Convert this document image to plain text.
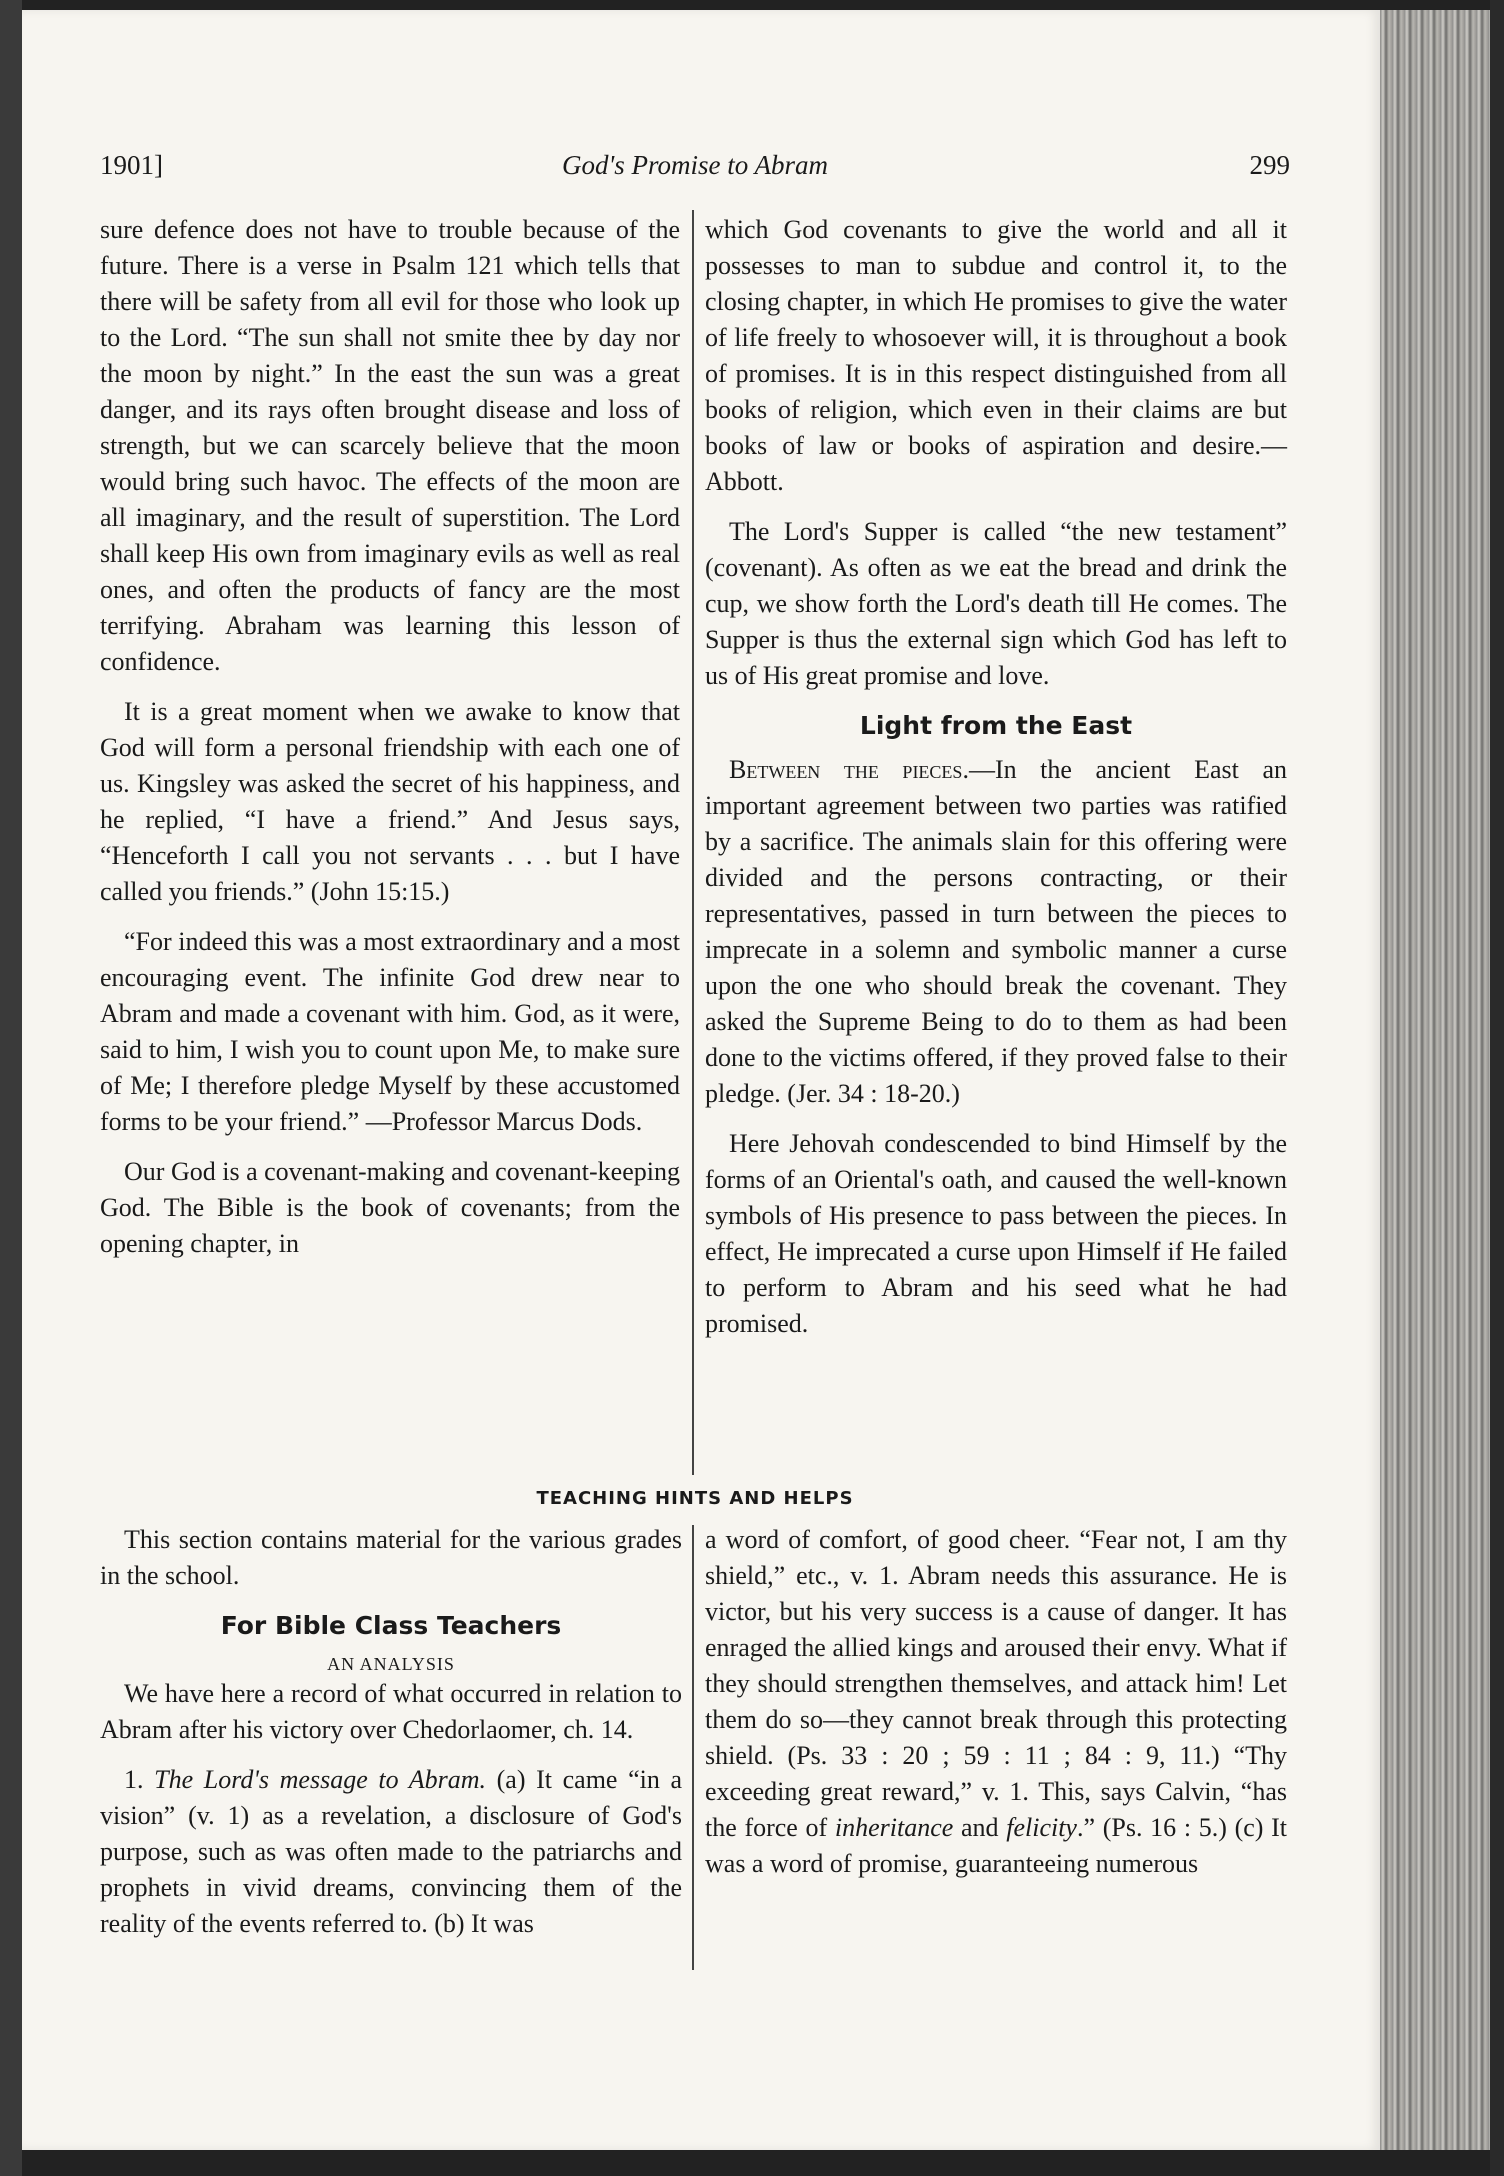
God's Promise to Abram
1901]	299

sure defence does not have to trouble because of the future. There is a verse in Psalm 121 which tells that there will be safety from all evil for those who look up to the Lord. “The sun shall not smite thee by day nor the moon by night.” In the east the sun was a great danger, and its rays often brought disease and loss of strength, but we can scarcely believe that the moon would bring such havoc. The effects of the moon are all imaginary, and the result of superstition. The Lord shall keep His own from imaginary evils as well as real ones, and often the products of fancy are the most terrifying. Abraham was learning this lesson of confidence.

It is a great moment when we awake to know that God will form a personal friendship with each one of us. Kingsley was asked the secret of his happiness, and he replied, “I have a friend.” And Jesus says, “Henceforth I call you not servants . . . but I have called you friends.” (John 15:15.)

“For indeed this was a most extraordinary and a most encouraging event. The infinite God drew near to Abram and made a covenant with him. God, as it were, said to him, I wish you to count upon Me, to make sure of Me; I therefore pledge Myself by these accustomed forms to be your friend.” —Professor Marcus Dods.

Our God is a covenant-making and covenant-keeping God. The Bible is the book of covenants; from the opening chapter, in

which God covenants to give the world and all it possesses to man to subdue and control it, to the closing chapter, in which He promises to give the water of life freely to whosoever will, it is throughout a book of promises. It is in this respect distinguished from all books of religion, which even in their claims are but books of law or books of aspiration and desire.—Abbott.

The Lord's Supper is called “the new testament” (covenant). As often as we eat the bread and drink the cup, we show forth the Lord's death till He comes. The Supper is thus the external sign which God has left to us of His great promise and love.

Light from the East

Between the pieces.—In the ancient East an important agreement between two parties was ratified by a sacrifice. The animals slain for this offering were divided and the persons contracting, or their representatives, passed in turn between the pieces to imprecate in a solemn and symbolic manner a curse upon the one who should break the covenant. They asked the Supreme Being to do to them as had been done to the victims offered, if they proved false to their pledge. (Jer. 34 : 18-20.)

Here Jehovah condescended to bind Himself by the forms of an Oriental's oath, and caused the well-known symbols of His presence to pass between the pieces. In effect, He imprecated a curse upon Himself if He failed to perform to Abram and his seed what he had promised.

TEACHING HINTS AND HELPS

This section contains material for the various grades in the school.

For Bible Class Teachers

AN ANALYSIS

We have here a record of what occurred in relation to Abram after his victory over Chedorlaomer, ch. 14.

1. The Lord's message to Abram. (a) It came “in a vision” (v. 1) as a revelation, a disclosure of God's purpose, such as was often made to the patriarchs and prophets in vivid dreams, convincing them of the reality of the events referred to. (b) It was

a word of comfort, of good cheer. “Fear not, I am thy shield,” etc., v. 1. Abram needs this assurance. He is victor, but his very success is a cause of danger. It has enraged the allied kings and aroused their envy. What if they should strengthen themselves, and attack him! Let them do so—they cannot break through this protecting shield. (Ps. 33 : 20 ; 59 : 11 ; 84 : 9, 11.) “Thy exceeding great reward,” v. 1. This, says Calvin, “has the force of inheritance and felicity.” (Ps. 16 : 5.) (c) It was a word of promise, guaranteeing numerous
